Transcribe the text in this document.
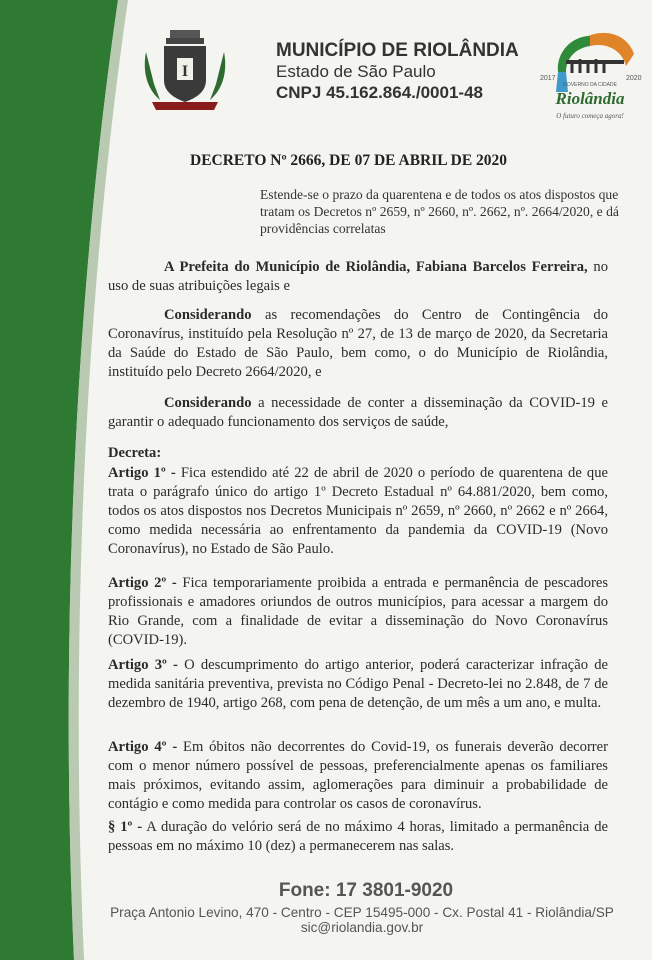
I
MUNICÍPIO DE RIOLÂNDIA
Estado de São Paulo
CNPJ 45.162.864./0001-48
2017	2020
GOVERNO DA CIDADE
Riolândia
O futuro começa agora!
DECRETO Nº 2666, DE 07 DE ABRIL DE 2020
Estende-se o prazo da quarentena e de todos os atos dispostos que tratam os Decretos nº 2659, nº 2660, nº. 2662, nº. 2664/2020, e dá providências correlatas
A Prefeita do Município de Riolândia, Fabiana Barcelos Ferreira, no uso de suas atribuições legais e
Considerando as recomendações do Centro de Contingência do Coronavírus, instituído pela Resolução nº 27, de 13 de março de 2020, da Secretaria da Saúde do Estado de São Paulo, bem como, o do Município de Riolândia, instituído pelo Decreto 2664/2020, e
Considerando a necessidade de conter a disseminação da COVID-19 e garantir o adequado funcionamento dos serviços de saúde,
Decreta:
Artigo 1º - Fica estendido até 22 de abril de 2020 o período de quarentena de que trata o parágrafo único do artigo 1º Decreto Estadual nº 64.881/2020, bem como, todos os atos dispostos nos Decretos Municipais nº 2659, nº 2660, nº 2662 e nº 2664, como medida necessária ao enfrentamento da pandemia da COVID-19 (Novo Coronavírus), no Estado de São Paulo.
Artigo 2º - Fica temporariamente proibida a entrada e permanência de pescadores profissionais e amadores oriundos de outros municípios, para acessar a margem do Rio Grande, com a finalidade de evitar a disseminação do Novo Coronavírus (COVID-19).
Artigo 3º - O descumprimento do artigo anterior, poderá caracterizar infração de medida sanitária preventiva, prevista no Código Penal - Decreto-lei no 2.848, de 7 de dezembro de 1940, artigo 268, com pena de detenção, de um mês a um ano, e multa.
Artigo 4º - Em óbitos não decorrentes do Covid-19, os funerais deverão decorrer com o menor número possível de pessoas, preferencialmente apenas os familiares mais próximos, evitando assim, aglomerações para diminuir a probabilidade de contágio e como medida para controlar os casos de coronavírus.
§ 1º - A duração do velório será de no máximo 4 horas, limitado a permanência de pessoas em no máximo 10 (dez) a permanecerem nas salas.
Fone: 17 3801-9020
Praça Antonio Levino, 470 - Centro - CEP 15495-000 - Cx. Postal 41 - Riolândia/SP
sic@riolandia.gov.br
